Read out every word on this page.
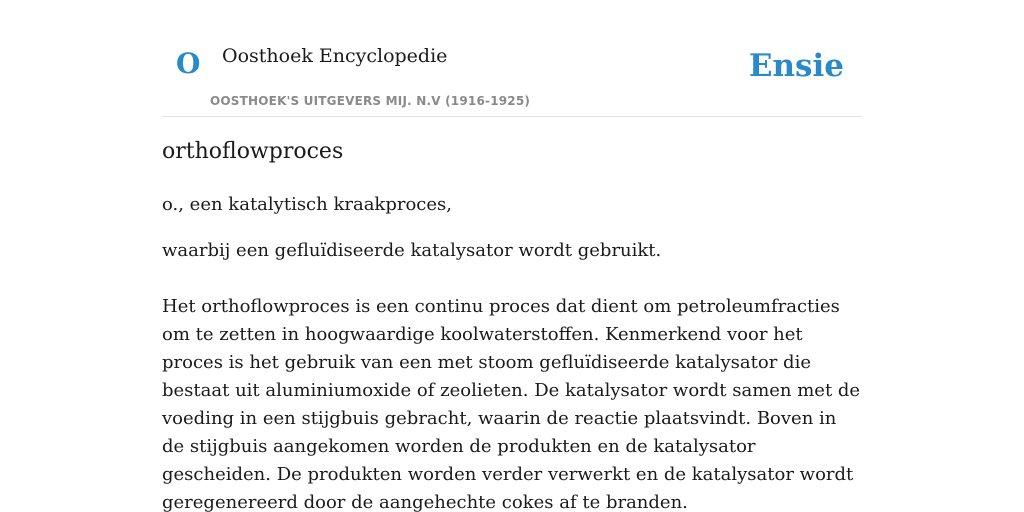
O Oosthoek Encyclopedie
OOSTHOEK'S UITGEVERS MIJ. N.V (1916-1925)
Ensie
orthoflowproces

o., een katalytisch kraakproces,

waarbij een gefluïdiseerde katalysator wordt gebruikt.

Het orthoflowproces is een continu proces dat dient om petroleumfracties om te zetten in hoogwaardige koolwaterstoffen. Kenmerkend voor het proces is het gebruik van een met stoom gefluïdiseerde katalysator die bestaat uit aluminiumoxide of zeolieten. De katalysator wordt samen met de voeding in een stijgbuis gebracht, waarin de reactie plaatsvindt. Boven in de stijgbuis aangekomen worden de produkten en de katalysator gescheiden. De produkten worden verder verwerkt en de katalysator wordt geregenereerd door de aangehechte cokes af te branden.
